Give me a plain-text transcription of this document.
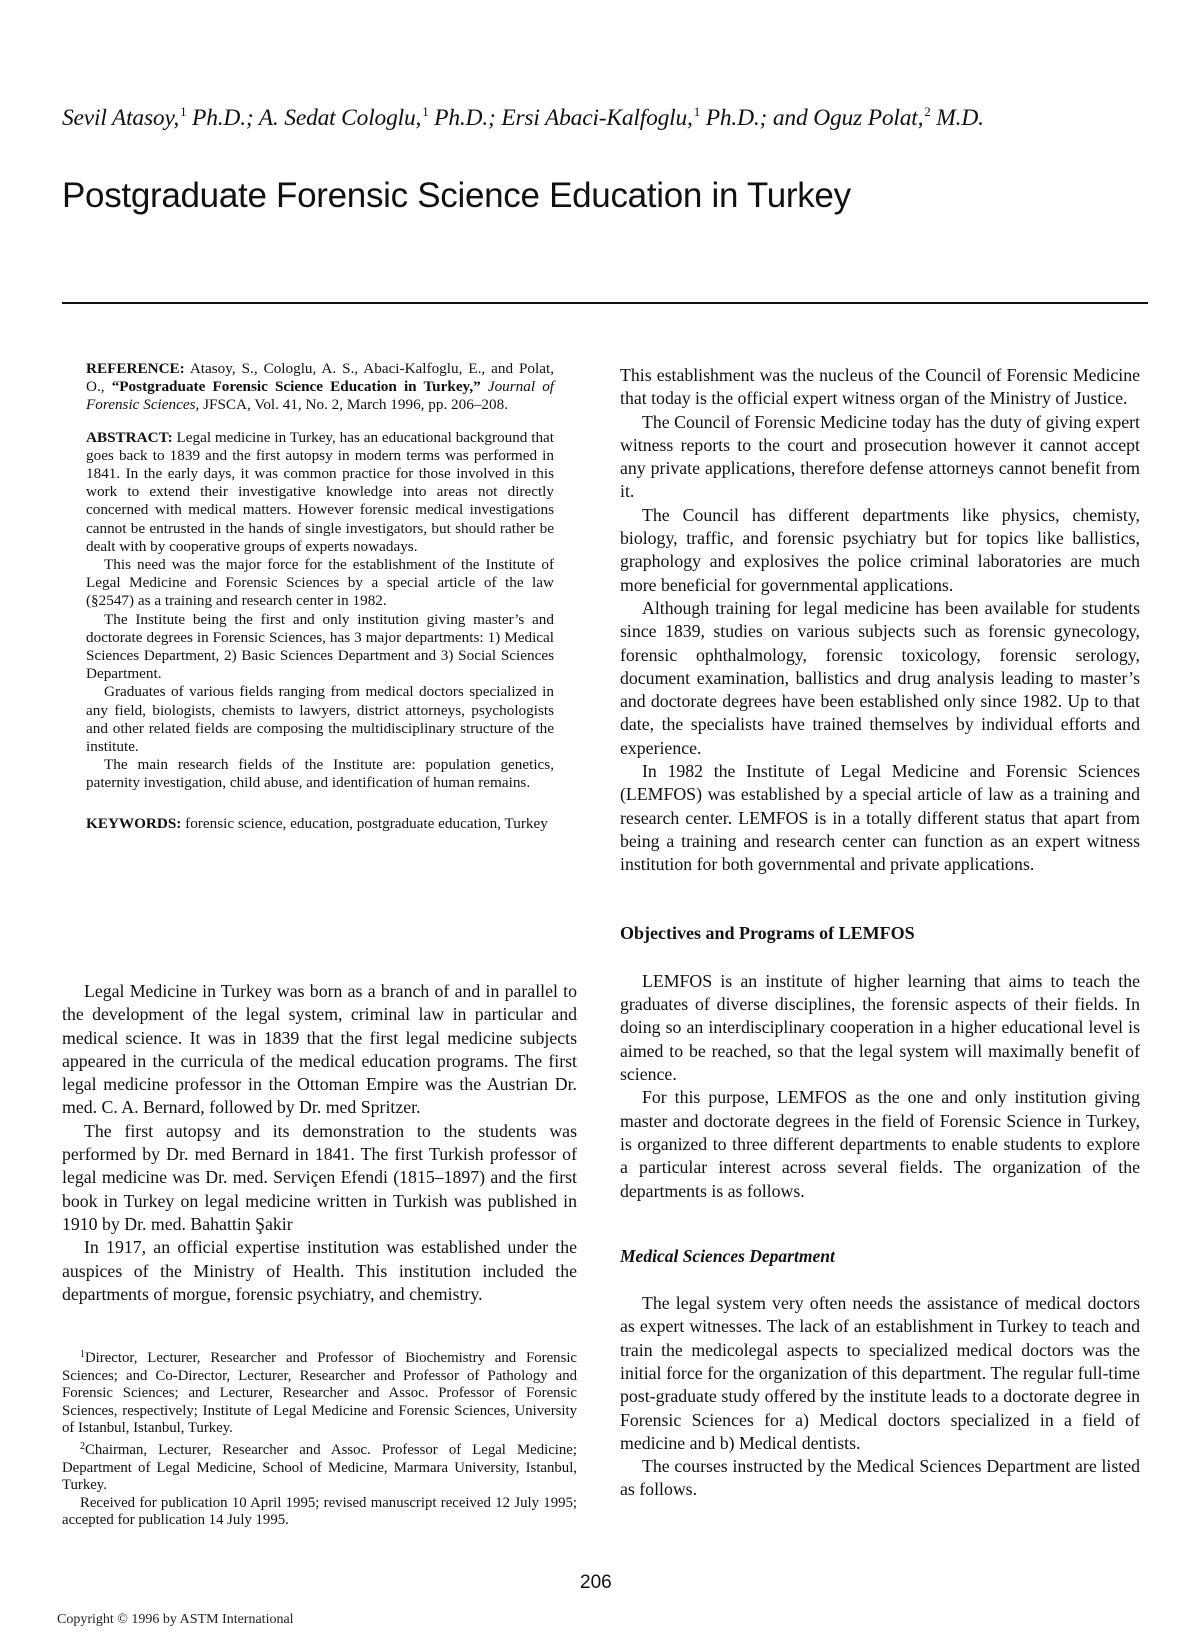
Sevil Atasoy,$^1$ Ph.D.; A. Sedat Cologlu,$^1$ Ph.D.; Ersi Abaci-Kalfoglu,$^1$ Ph.D.; and Oguz Polat,$^2$ M.D.
Postgraduate Forensic Science Education in Turkey

REFERENCE: Atasoy, S., Cologlu, A. S., Abaci-Kalfoglu, E., and Polat, O., “Postgraduate Forensic Science Education in Turkey,” Journal of Forensic Sciences, JFSCA, Vol. 41, No. 2, March 1996, pp. 206–208.

ABSTRACT: Legal medicine in Turkey, has an educational background that goes back to 1839 and the first autopsy in modern terms was performed in 1841. In the early days, it was common practice for those involved in this work to extend their investigative knowledge into areas not directly concerned with medical matters. However forensic medical investigations cannot be entrusted in the hands of single investigators, but should rather be dealt with by cooperative groups of experts nowadays.

This need was the major force for the establishment of the Institute of Legal Medicine and Forensic Sciences by a special article of the law (§2547) as a training and research center in 1982.

The Institute being the first and only institution giving master’s and doctorate degrees in Forensic Sciences, has 3 major departments: 1) Medical Sciences Department, 2) Basic Sciences Department and 3) Social Sciences Department.

Graduates of various fields ranging from medical doctors specialized in any field, biologists, chemists to lawyers, district attorneys, psychologists and other related fields are composing the multidisciplinary structure of the institute.

The main research fields of the Institute are: population genetics, paternity investigation, child abuse, and identification of human remains.

KEYWORDS: forensic science, education, postgraduate education, Turkey

Legal Medicine in Turkey was born as a branch of and in parallel to the development of the legal system, criminal law in particular and medical science. It was in 1839 that the first legal medicine subjects appeared in the curricula of the medical education programs. The first legal medicine professor in the Ottoman Empire was the Austrian Dr. med. C. A. Bernard, followed by Dr. med Spritzer.

The first autopsy and its demonstration to the students was performed by Dr. med Bernard in 1841. The first Turkish professor of legal medicine was Dr. med. Serviçen Efendi (1815–1897) and the first book in Turkey on legal medicine written in Turkish was published in 1910 by Dr. med. Bahattin Şakir

In 1917, an official expertise institution was established under the auspices of the Ministry of Health. This institution included the departments of morgue, forensic psychiatry, and chemistry.

$^1$Director, Lecturer, Researcher and Professor of Biochemistry and Forensic Sciences; and Co-Director, Lecturer, Researcher and Professor of Pathology and Forensic Sciences; and Lecturer, Researcher and Assoc. Professor of Forensic Sciences, respectively; Institute of Legal Medicine and Forensic Sciences, University of Istanbul, Istanbul, Turkey.

$^2$Chairman, Lecturer, Researcher and Assoc. Professor of Legal Medicine; Department of Legal Medicine, School of Medicine, Marmara University, Istanbul, Turkey.

Received for publication 10 April 1995; revised manuscript received 12 July 1995; accepted for publication 14 July 1995.

This establishment was the nucleus of the Council of Forensic Medicine that today is the official expert witness organ of the Ministry of Justice.

The Council of Forensic Medicine today has the duty of giving expert witness reports to the court and prosecution however it cannot accept any private applications, therefore defense attorneys cannot benefit from it.

The Council has different departments like physics, chemisty, biology, traffic, and forensic psychiatry but for topics like ballistics, graphology and explosives the police criminal laboratories are much more beneficial for governmental applications.

Although training for legal medicine has been available for students since 1839, studies on various subjects such as forensic gynecology, forensic ophthalmology, forensic toxicology, forensic serology, document examination, ballistics and drug analysis leading to master’s and doctorate degrees have been established only since 1982. Up to that date, the specialists have trained themselves by individual efforts and experience.

In 1982 the Institute of Legal Medicine and Forensic Sciences (LEMFOS) was established by a special article of law as a training and research center. LEMFOS is in a totally different status that apart from being a training and research center can function as an expert witness institution for both governmental and private applications.

Objectives and Programs of LEMFOS

LEMFOS is an institute of higher learning that aims to teach the graduates of diverse disciplines, the forensic aspects of their fields. In doing so an interdisciplinary cooperation in a higher educational level is aimed to be reached, so that the legal system will maximally benefit of science.

For this purpose, LEMFOS as the one and only institution giving master and doctorate degrees in the field of Forensic Science in Turkey, is organized to three different departments to enable students to explore a particular interest across several fields. The organization of the departments is as follows.

Medical Sciences Department

The legal system very often needs the assistance of medical doctors as expert witnesses. The lack of an establishment in Turkey to teach and train the medicolegal aspects to specialized medical doctors was the initial force for the organization of this department. The regular full-time post-graduate study offered by the institute leads to a doctorate degree in Forensic Sciences for a) Medical doctors specialized in a field of medicine and b) Medical dentists.

The courses instructed by the Medical Sciences Department are listed as follows.

206
Copyright © 1996 by ASTM International
